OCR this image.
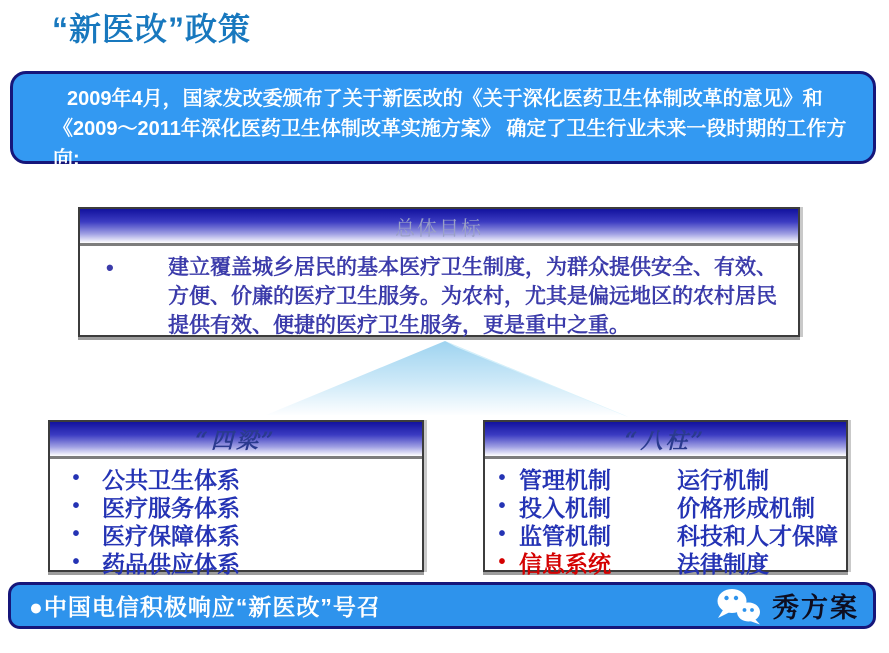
“新医改”政策

2009年4月，国家发改委颁布了关于新医改的《关于深化医药卫生体制改革的意见》和《2009～2011年深化医药卫生体制改革实施方案》 确定了卫生行业未来一段时期的工作方向:

总体目标
•	建立覆盖城乡居民的基本医疗卫生制度，为群众提供安全、有效、方便、价廉的医疗卫生服务。为农村，尤其是偏远地区的农村居民提供有效、便捷的医疗卫生服务，更是重中之重。

“四梁”
• 公共卫生体系
• 医疗服务体系
• 医疗保障体系
• 药品供应体系
“八柱”
• 管理机制	运行机制
• 投入机制	价格形成机制
• 监管机制	科技和人才保障
• 信息系统	法律制度
●中国电信积极响应“新医改”号召	秀方案
